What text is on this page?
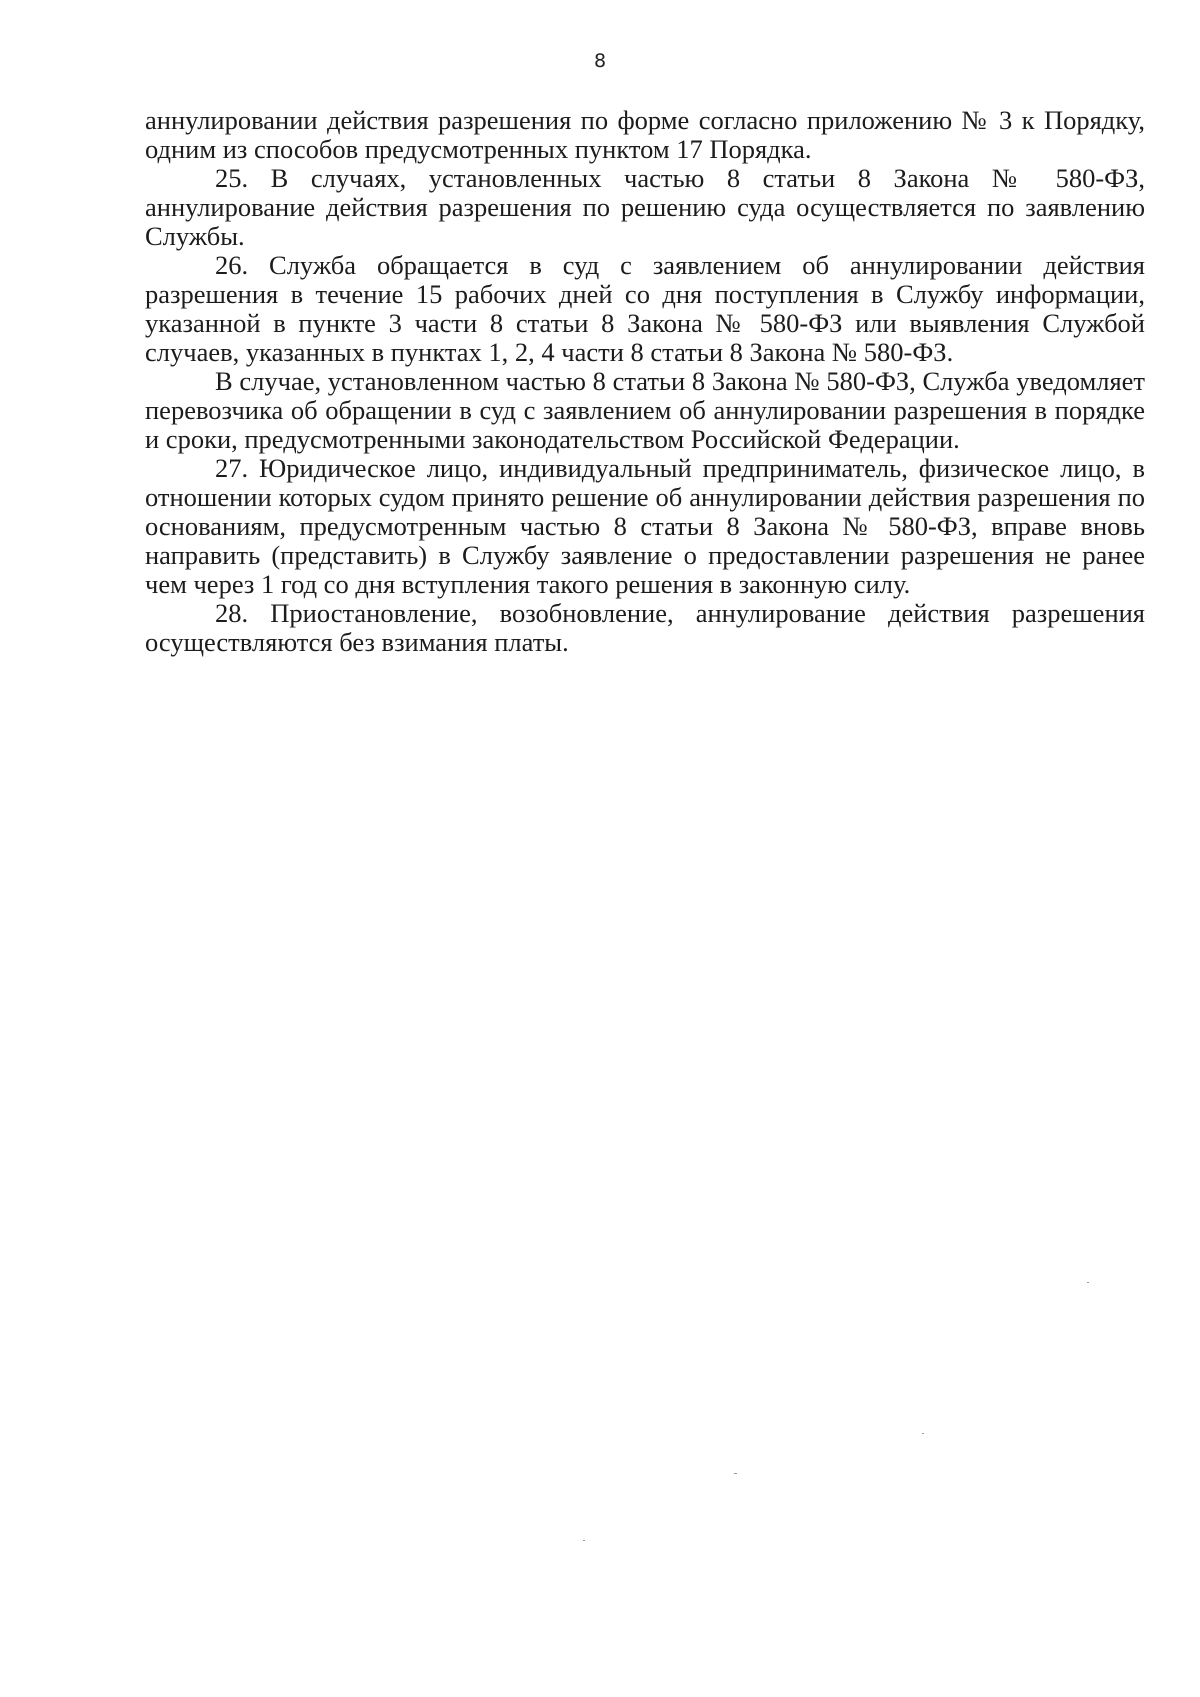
8

аннулировании действия разрешения по форме согласно приложению № 3 к Порядку, одним из способов предусмотренных пунктом 17 Порядка.

25. В случаях, установленных частью 8 статьи 8 Закона № 580-ФЗ, аннулирование действия разрешения по решению суда осуществляется по заявлению Службы.

26. Служба обращается в суд с заявлением об аннулировании действия разрешения в течение 15 рабочих дней со дня поступления в Службу информации, указанной в пункте 3 части 8 статьи 8 Закона № 580-ФЗ или выявления Службой случаев, указанных в пунктах 1, 2, 4 части 8 статьи 8 Закона № 580-ФЗ.

В случае, установленном частью 8 статьи 8 Закона № 580-ФЗ, Служба уведомляет перевозчика об обращении в суд с заявлением об аннулировании разрешения в порядке и сроки, предусмотренными законодательством Российской Федерации.

27. Юридическое лицо, индивидуальный предприниматель, физическое лицо, в отношении которых судом принято решение об аннулировании действия разрешения по основаниям, предусмотренным частью 8 статьи 8 Закона № 580-ФЗ, вправе вновь направить (представить) в Службу заявление о предоставлении разрешения не ранее чем через 1 год со дня вступления такого решения в законную силу.

28. Приостановление, возобновление, аннулирование действия разрешения осуществляются без взимания платы.
